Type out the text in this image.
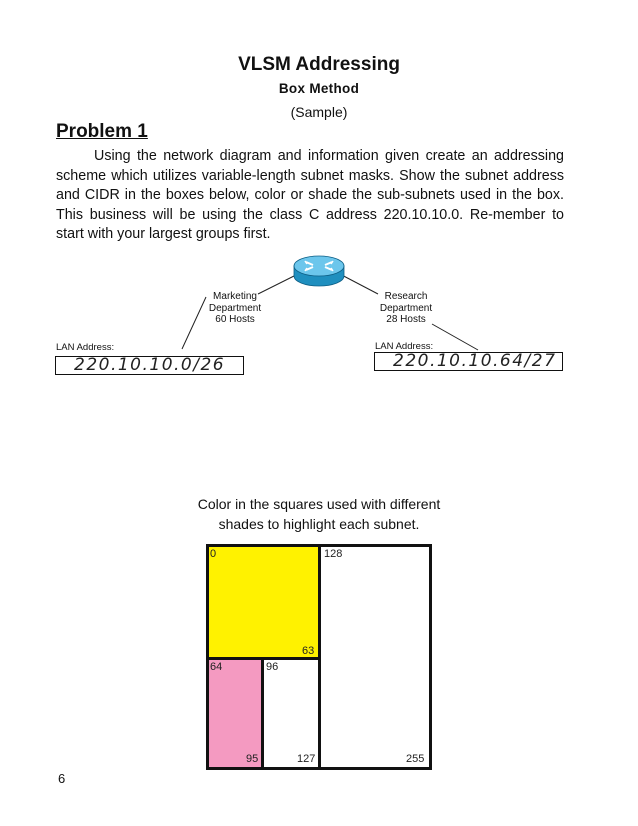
VLSM Addressing
Box Method
(Sample)
Problem 1

Using the network diagram and information given create an addressing scheme which utilizes variable-length subnet masks. Show the subnet address and CIDR in the boxes below, color or shade the sub-subnets used in the box. This business will be using the class C address 220.10.10.0. Re-member to start with your largest groups first.

Marketing
Department
60 Hosts
Research
Department
28 Hosts
LAN Address:
220.10.10.0/26
LAN Address:
220.10.10.64/27
Color in the squares used with different
shades to highlight each subnet.
0
63
128
64	96
95	127	255
6
